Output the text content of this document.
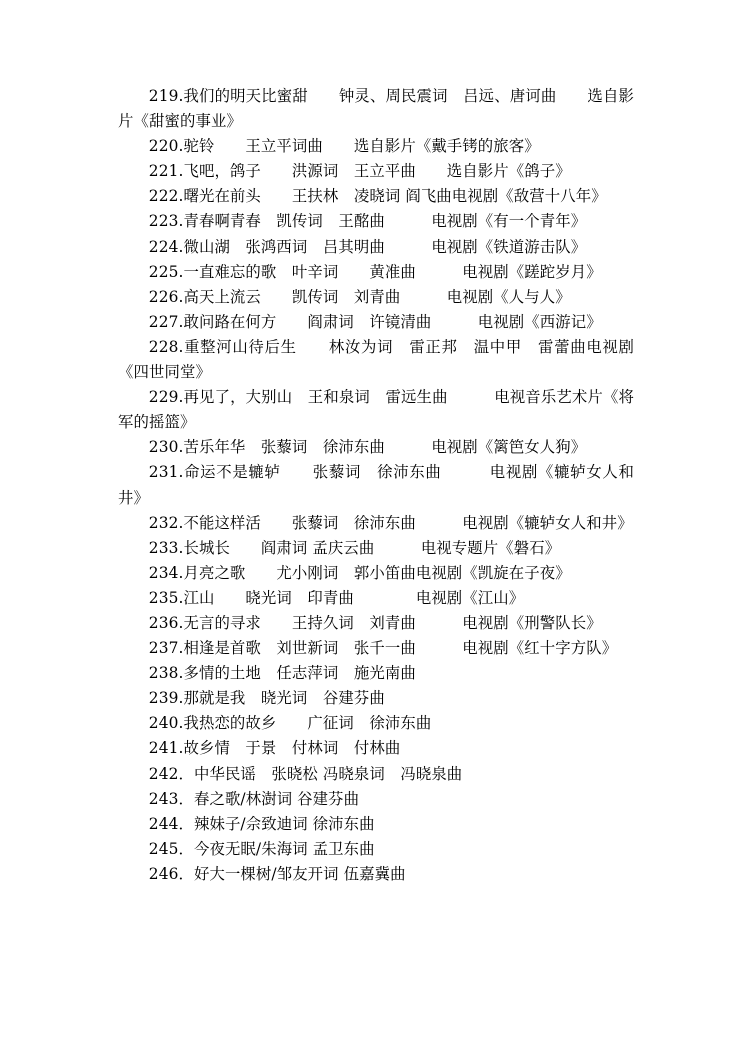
219.我们的明天比蜜甜　　钟灵、周民震词　吕远、唐诃曲　　选自影片《甜蜜的事业》

220.驼铃　　王立平词曲　　选自影片《戴手铐的旅客》

221.飞吧，鸽子　　洪源词　王立平曲　　选自影片《鸽子》

222.曙光在前头　　王扶林　凌晓词 阎飞曲电视剧《敌营十八年》

223.青春啊青春　凯传词　王酩曲　　　电视剧《有一个青年》

224.微山湖　张鸿西词　吕其明曲　　　电视剧《铁道游击队》

225.一直难忘的歌　叶辛词　　黄准曲　　　电视剧《蹉跎岁月》

226.高天上流云　　凯传词　刘青曲　　　电视剧《人与人》

227.敢问路在何方　　阎肃词　许镜清曲　　　电视剧《西游记》

228.重整河山待后生　　林汝为词　雷正邦　温中甲　雷蕾曲电视剧《四世同堂》

229.再见了，大别山　王和泉词　雷远生曲　　　电视音乐艺术片《将军的摇篮》

230.苦乐年华　张藜词　徐沛东曲　　　电视剧《篱笆女人狗》

231.命运不是辘轳　　张藜词　徐沛东曲　　　电视剧《辘轳女人和井》

232.不能这样活　　张藜词　徐沛东曲　　　电视剧《辘轳女人和井》

233.长城长　　阎肃词 孟庆云曲　　　电视专题片《磐石》

234.月亮之歌　　尤小刚词　郭小笛曲电视剧《凯旋在子夜》

235.江山　　晓光词　印青曲　　　　电视剧《江山》

236.无言的寻求　　王持久词　刘青曲　　　电视剧《刑警队长》

237.相逢是首歌　刘世新词　张千一曲　　　电视剧《红十字方队》

238.多情的土地　任志萍词　施光南曲

239.那就是我　晓光词　谷建芬曲

240.我热恋的故乡　　广征词　徐沛东曲

241.故乡情　于景　付林词　付林曲

242．中华民谣　张晓松 冯晓泉词　冯晓泉曲

243．春之歌/林澍词 谷建芬曲

244．辣妹子/佘致迪词 徐沛东曲

245．今夜无眠/朱海词 孟卫东曲

246．好大一棵树/邹友开词 伍嘉冀曲
